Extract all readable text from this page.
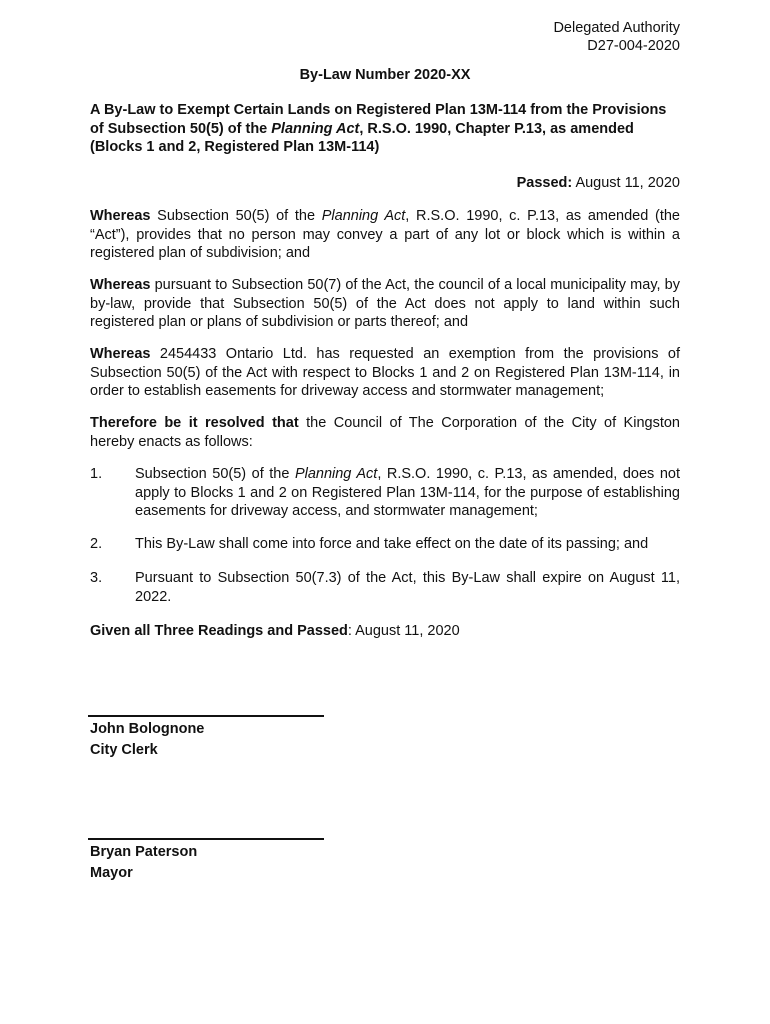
Delegated Authority
D27-004-2020
By-Law Number 2020-XX
A By-Law to Exempt Certain Lands on Registered Plan 13M-114 from the Provisions of Subsection 50(5) of the Planning Act, R.S.O. 1990, Chapter P.13, as amended (Blocks 1 and 2, Registered Plan 13M-114)
Passed: August 11, 2020
Whereas Subsection 50(5) of the Planning Act, R.S.O. 1990, c. P.13, as amended (the “Act”), provides that no person may convey a part of any lot or block which is within a registered plan of subdivision; and
Whereas pursuant to Subsection 50(7) of the Act, the council of a local municipality may, by by-law, provide that Subsection 50(5) of the Act does not apply to land within such registered plan or plans of subdivision or parts thereof; and
Whereas 2454433 Ontario Ltd. has requested an exemption from the provisions of Subsection 50(5) of the Act with respect to Blocks 1 and 2 on Registered Plan 13M-114, in order to establish easements for driveway access and stormwater management;
Therefore be it resolved that the Council of The Corporation of the City of Kingston hereby enacts as follows:
1. Subsection 50(5) of the Planning Act, R.S.O. 1990, c. P.13, as amended, does not apply to Blocks 1 and 2 on Registered Plan 13M-114, for the purpose of establishing easements for driveway access, and stormwater management;
2. This By-Law shall come into force and take effect on the date of its passing; and
3. Pursuant to Subsection 50(7.3) of the Act, this By-Law shall expire on August 11, 2022.
Given all Three Readings and Passed: August 11, 2020
John Bolognone
City Clerk
Bryan Paterson
Mayor
